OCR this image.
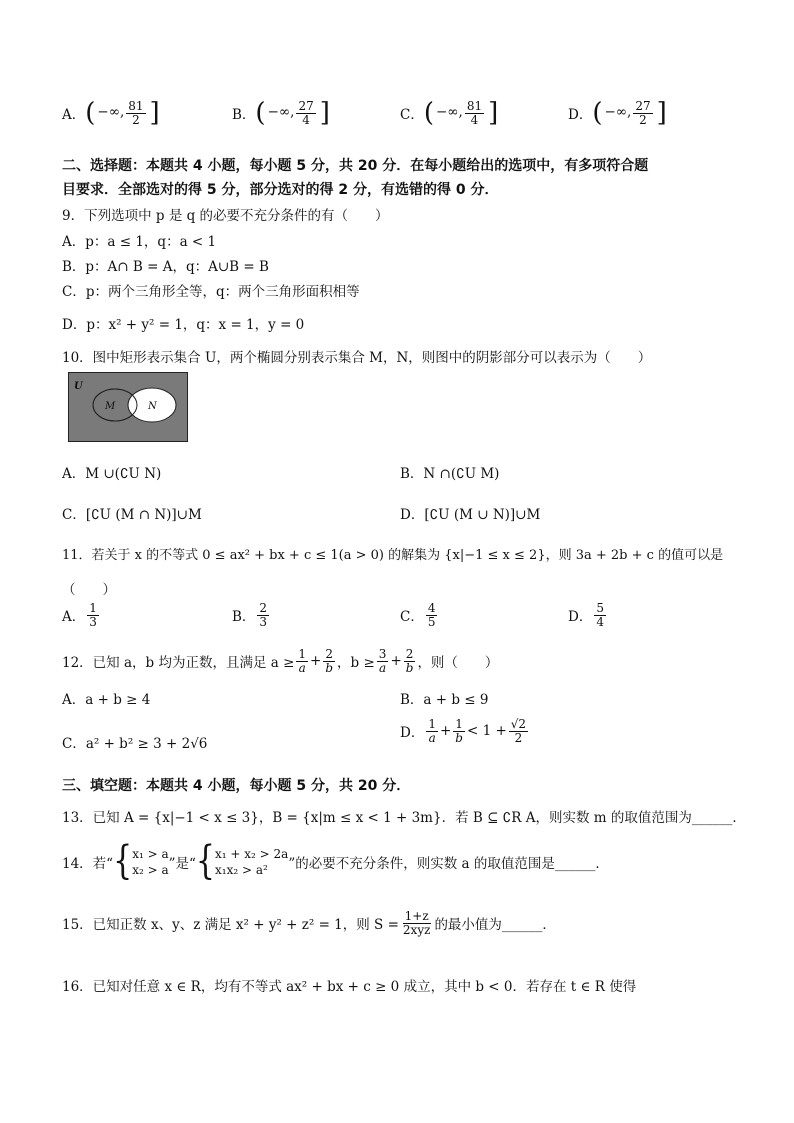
A． ( −∞, $\frac{81}{2}$ ]	B． ( −∞, $\frac{27}{4}$ ]	C． ( −∞, $\frac{81}{4}$ ]	D． ( −∞, $\frac{27}{2}$ ]
二、选择题：本题共 4 小题，每小题 5 分，共 20 分．在每小题给出的选项中，有多项符合题
目要求．全部选对的得 5 分，部分选对的得 2 分，有选错的得 0 分．
9．下列选项中 p 是 q 的必要不充分条件的有（　　）
A．p：a ≤ 1，q：a < 1
B．p：A∩ B = A，q：A∪B = B
C．p：两个三角形全等，q：两个三角形面积相等
D．p：x² + y² = 1，q：x = 1，y = 0
10．图中矩形表示集合 U，两个椭圆分别表示集合 M，N，则图中的阴影部分可以表示为（　　）
U
M	N
A．M ∪(∁U N)	B．N ∩(∁U M)
C．[∁U (M ∩ N)]∪M	D．[∁U (M ∪ N)]∪M
11．若关于 x 的不等式 0 ≤ ax² + bx + c ≤ 1(a > 0) 的解集为 {x|−1 ≤ x ≤ 2}，则 3a + 2b + c 的值可以是
（　　）
A． $\frac{1}{3}$	B． $\frac{2}{3}$	C． $\frac{4}{5}$	D． $\frac{5}{4}$
12．已知 a，b 均为正数，且满足 $a \ge \frac{1}{a} + \frac{2}{b}$ ，$b \ge \frac{3}{a} + \frac{2}{b}$ ，则（　　）
A．a + b ≥ 4	B．a + b ≤ 9
C．a² + b² ≥ 3 + 2√6
D． $\frac{1}{a} + \frac{1}{b} < 1 + \frac{√2}{2}$
三、填空题：本题共 4 小题，每小题 5 分，共 20 分．
13．已知 A = {x|−1 < x ≤ 3}，B = {x|m ≤ x < 1 + 3m}．若 B ⊆ ∁R A，则实数 m 的取值范围为______．
14．若“ { x₁ > a
x₂ > a ”是“ { x₁ + x₂ > 2a
x₁x₂ > a²	”的必要不充分条件，则实数 a 的取值范围是______．
15．已知正数 x、y、z 满足 x² + y² + z² = 1，则 $S = \frac{1+z}{\text{2xyz}}$ 的最小值为______．
16．已知对任意 x ∈ R，均有不等式 ax² + bx + c ≥ 0 成立，其中 b < 0．若存在 t ∈ R 使得
